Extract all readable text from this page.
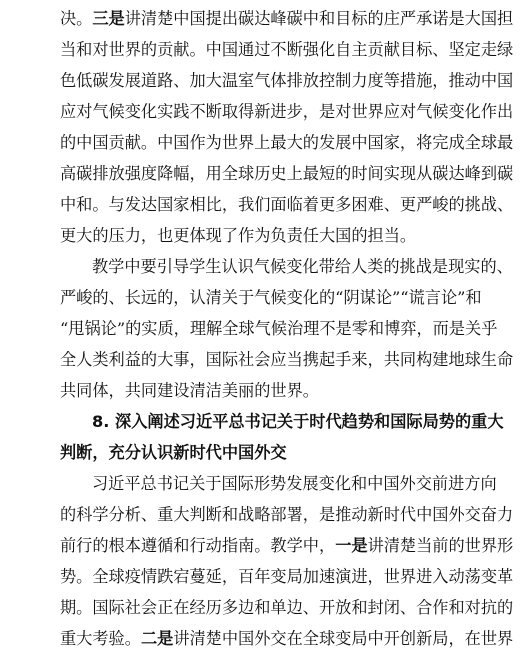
决。三是讲清楚中国提出碳达峰碳中和目标的庄严承诺是大国担
当和对世界的贡献。中国通过不断强化自主贡献目标、坚定走绿
色低碳发展道路、加大温室气体排放控制力度等措施，推动中国
应对气候变化实践不断取得新进步，是对世界应对气候变化作出
的中国贡献。中国作为世界上最大的发展中国家，将完成全球最
高碳排放强度降幅，用全球历史上最短的时间实现从碳达峰到碳
中和。与发达国家相比，我们面临着更多困难、更严峻的挑战、
更大的压力，也更体现了作为负责任大国的担当。
教学中要引导学生认识气候变化带给人类的挑战是现实的、
严峻的、长远的，认清关于气候变化的“阴谋论”“谎言论”和
“甩锅论”的实质，理解全球气候治理不是零和博弈，而是关乎
全人类利益的大事，国际社会应当携起手来，共同构建地球生命
共同体，共同建设清洁美丽的世界。
8. 深入阐述习近平总书记关于时代趋势和国际局势的重大
判断，充分认识新时代中国外交
习近平总书记关于国际形势发展变化和中国外交前进方向
的科学分析、重大判断和战略部署，是推动新时代中国外交奋力
前行的根本遵循和行动指南。教学中，一是讲清楚当前的世界形
势。全球疫情跌宕蔓延，百年变局加速演进，世界进入动荡变革
期。国际社会正在经历多边和单边、开放和封闭、合作和对抗的
重大考验。二是讲清楚中国外交在全球变局中开创新局，在世界
